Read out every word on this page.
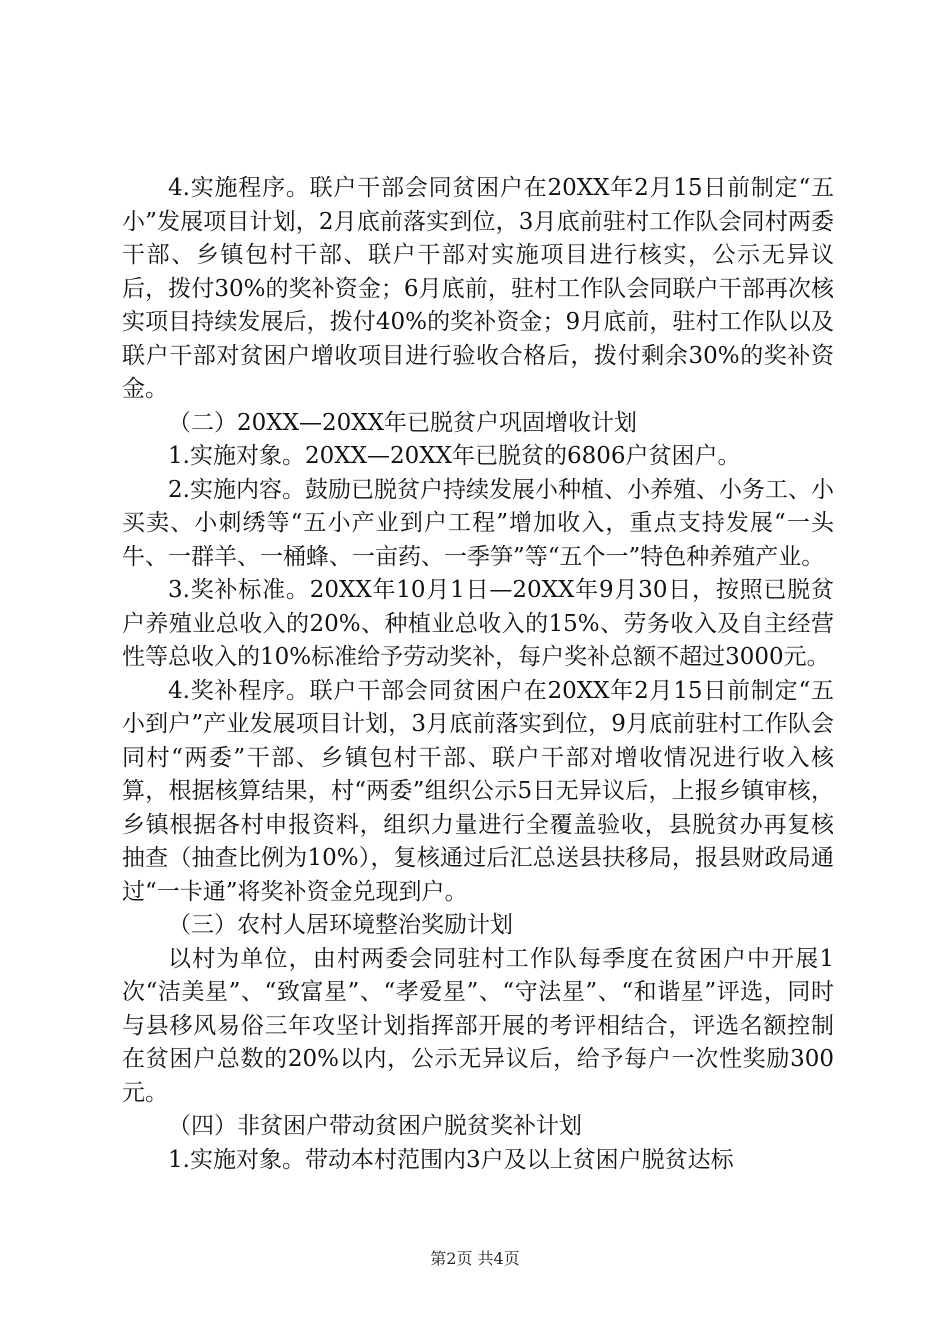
4.实施程序。联户干部会同贫困户在20XX年2月15日前制定“五小”发展项目计划，2月底前落实到位，3月底前驻村工作队会同村两委干部、乡镇包村干部、联户干部对实施项目进行核实，公示无异议后，拨付30%的奖补资金；6月底前，驻村工作队会同联户干部再次核实项目持续发展后，拨付40%的奖补资金；9月底前，驻村工作队以及联户干部对贫困户增收项目进行验收合格后，拨付剩余30%的奖补资金。

（二）20XX—20XX年已脱贫户巩固增收计划

1.实施对象。20XX—20XX年已脱贫的6806户贫困户。

2.实施内容。鼓励已脱贫户持续发展小种植、小养殖、小务工、小买卖、小刺绣等“五小产业到户工程”增加收入，重点支持发展“一头牛、一群羊、一桶蜂、一亩药、一季笋”等“五个一”特色种养殖产业。

3.奖补标准。20XX年10月1日—20XX年9月30日，按照已脱贫户养殖业总收入的20%、种植业总收入的15%、劳务收入及自主经营性等总收入的10%标准给予劳动奖补，每户奖补总额不超过3000元。

4.奖补程序。联户干部会同贫困户在20XX年2月15日前制定“五小到户”产业发展项目计划，3月底前落实到位，9月底前驻村工作队会同村“两委”干部、乡镇包村干部、联户干部对增收情况进行收入核算，根据核算结果，村“两委”组织公示5日无异议后，上报乡镇审核，乡镇根据各村申报资料，组织力量进行全覆盖验收，县脱贫办再复核抽查（抽查比例为10%），复核通过后汇总送县扶移局，报县财政局通过“一卡通”将奖补资金兑现到户。

（三）农村人居环境整治奖励计划

以村为单位，由村两委会同驻村工作队每季度在贫困户中开展1次“洁美星”、“致富星”、“孝爱星”、“守法星”、“和谐星”评选，同时与县移风易俗三年攻坚计划指挥部开展的考评相结合，评选名额控制在贫困户总数的20%以内，公示无异议后，给予每户一次性奖励300元。

（四）非贫困户带动贫困户脱贫奖补计划

1.实施对象。带动本村范围内3户及以上贫困户脱贫达标

第2页 共4页
